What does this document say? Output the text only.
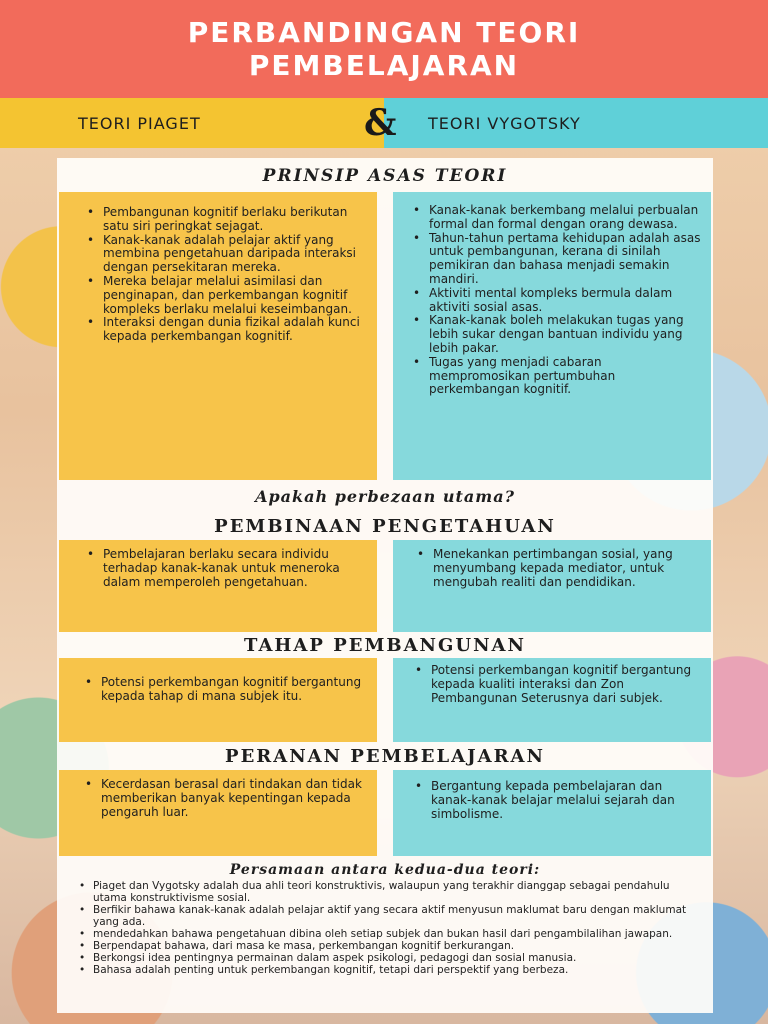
PERBANDINGAN TEORI
PEMBELAJARAN
TEORI PIAGET	TEORI VYGOTSKY
&
PRINSIP ASAS TEORI
• Pembangunan kognitif berlaku berikutan satu siri peringkat sejagat.
• Kanak-kanak adalah pelajar aktif yang membina pengetahuan daripada interaksi dengan persekitaran mereka.
• Mereka belajar melalui asimilasi dan penginapan, dan perkembangan kognitif kompleks berlaku melalui keseimbangan.
• Interaksi dengan dunia fizikal adalah kunci kepada perkembangan kognitif.
• Kanak-kanak berkembang melalui perbualan formal dan formal dengan orang dewasa.
• Tahun-tahun pertama kehidupan adalah asas untuk pembangunan, kerana di sinilah pemikiran dan bahasa menjadi semakin mandiri.
• Aktiviti mental kompleks bermula dalam aktiviti sosial asas.
• Kanak-kanak boleh melakukan tugas yang lebih sukar dengan bantuan individu yang lebih pakar.
• Tugas yang menjadi cabaran mempromosikan pertumbuhan perkembangan kognitif.
Apakah perbezaan utama?
PEMBINAAN PENGETAHUAN
• Pembelajaran berlaku secara individu terhadap kanak-kanak untuk meneroka dalam memperoleh pengetahuan.
• Menekankan pertimbangan sosial, yang menyumbang kepada mediator, untuk mengubah realiti dan pendidikan.
TAHAP PEMBANGUNAN
• Potensi perkembangan kognitif bergantung kepada tahap di mana subjek itu.
• Potensi perkembangan kognitif bergantung kepada kualiti interaksi dan Zon Pembangunan Seterusnya dari subjek.
PERANAN PEMBELAJARAN
• Kecerdasan berasal dari tindakan dan tidak memberikan banyak kepentingan kepada pengaruh luar.
• Bergantung kepada pembelajaran dan kanak-kanak belajar melalui sejarah dan simbolisme.
Persamaan antara kedua-dua teori:
• Piaget dan Vygotsky adalah dua ahli teori konstruktivis, walaupun yang terakhir dianggap sebagai pendahulu utama konstruktivisme sosial.
• Berfikir bahawa kanak-kanak adalah pelajar aktif yang secara aktif menyusun maklumat baru dengan maklumat yang ada.
• mendedahkan bahawa pengetahuan dibina oleh setiap subjek dan bukan hasil dari pengambilalihan jawapan.
• Berpendapat bahawa, dari masa ke masa, perkembangan kognitif berkurangan.
• Berkongsi idea pentingnya permainan dalam aspek psikologi, pedagogi dan sosial manusia.
• Bahasa adalah penting untuk perkembangan kognitif, tetapi dari perspektif yang berbeza.
